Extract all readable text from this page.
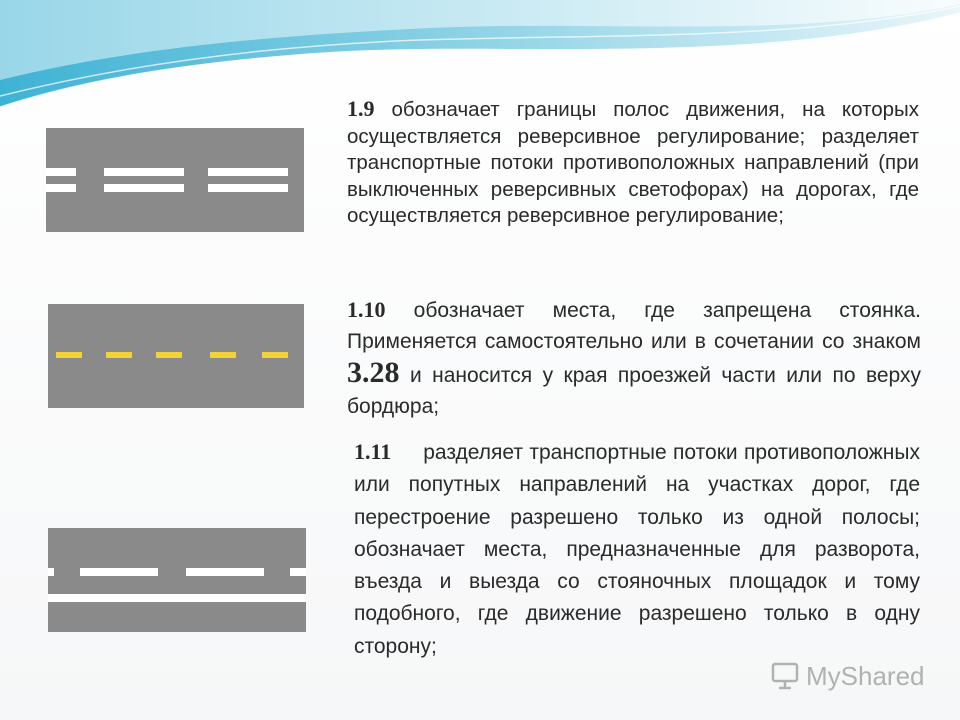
1.9 обозначает границы полос движения, на которых осуществляется реверсивное регулирование; разделяет транспортные потоки противоположных направлений (при выключенных реверсивных светофорах) на дорогах, где осуществляется реверсивное регулирование;
1.10 обозначает места, где запрещена стоянка. Применяется самостоятельно или в сочетании со знаком 3.28 и наносится у края проезжей части или по верху бордюра;
1.11 разделяет транспортные потоки противоположных или попутных направлений на участках дорог, где перестроение разрешено только из одной полосы; обозначает места, предназначенные для разворота, въезда и выезда со стояночных площадок и тому подобного, где движение разрешено только в одну сторону;
MyShared
